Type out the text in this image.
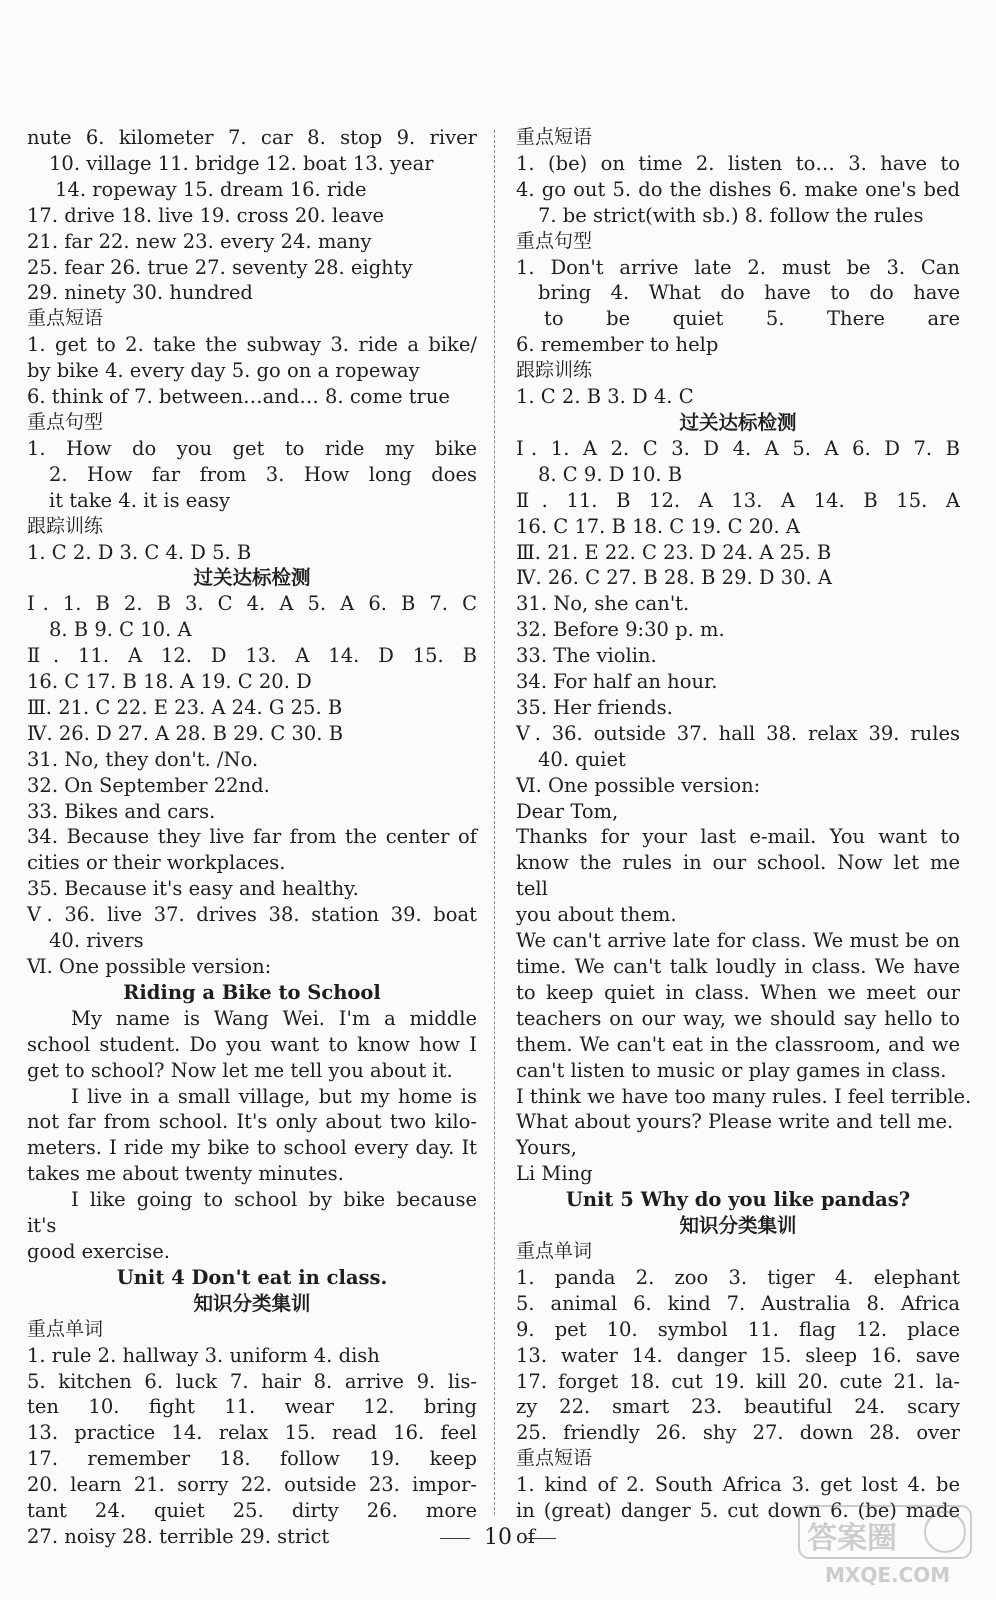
nute 6. kilometer 7. car 8. stop 9. river
10. village 11. bridge 12. boat 13. year
14. ropeway 15. dream 16. ride
17. drive 18. live 19. cross 20. leave
21. far 22. new 23. every 24. many
25. fear 26. true 27. seventy 28. eighty
29. ninety 30. hundred
重点短语
1. get to 2. take the subway 3. ride a bike/
by bike 4. every day 5. go on a ropeway
6. think of 7. between…and… 8. come true
重点句型
1. How do you get to ride my bike
2. How far from 3. How long does
it take 4. it is easy
跟踪训练
1. C 2. D 3. C 4. D 5. B
过关达标检测
Ⅰ. 1. B 2. B 3. C 4. A 5. A 6. B 7. C
8. B 9. C 10. A
Ⅱ. 11. A 12. D 13. A 14. D 15. B
16. C 17. B 18. A 19. C 20. D
Ⅲ. 21. C 22. E 23. A 24. G 25. B
Ⅳ. 26. D 27. A 28. B 29. C 30. B
31. No, they don't. /No.
32. On September 22nd.
33. Bikes and cars.
34. Because they live far from the center of
cities or their workplaces.
35. Because it's easy and healthy.
Ⅴ. 36. live 37. drives 38. station 39. boat
40. rivers
Ⅵ. One possible version:
Riding a Bike to School
My name is Wang Wei. I'm a middle
school student. Do you want to know how I
get to school? Now let me tell you about it.
I live in a small village, but my home is
not far from school. It's only about two kilo-
meters. I ride my bike to school every day. It
takes me about twenty minutes.
I like going to school by bike because it's
good exercise.
Unit 4 Don't eat in class.
知识分类集训
重点单词
1. rule 2. hallway 3. uniform 4. dish
5. kitchen 6. luck 7. hair 8. arrive 9. lis-
ten 10. fight 11. wear 12. bring
13. practice 14. relax 15. read 16. feel
17. remember 18. follow 19. keep
20. learn 21. sorry 22. outside 23. impor-
tant 24. quiet 25. dirty 26. more
27. noisy 28. terrible 29. strict
重点短语
1. (be) on time 2. listen to… 3. have to
4. go out 5. do the dishes 6. make one's bed
7. be strict(with sb.) 8. follow the rules
重点句型
1. Don't arrive late 2. must be 3. Can
bring 4. What do have to do have
to be quiet 5. There are
6. remember to help
跟踪训练
1. C 2. B 3. D 4. C
过关达标检测
Ⅰ. 1. A 2. C 3. D 4. A 5. A 6. D 7. B
8. C 9. D 10. B
Ⅱ. 11. B 12. A 13. A 14. B 15. A
16. C 17. B 18. C 19. C 20. A
Ⅲ. 21. E 22. C 23. D 24. A 25. B
Ⅳ. 26. C 27. B 28. B 29. D 30. A
31. No, she can't.
32. Before 9:30 p. m.
33. The violin.
34. For half an hour.
35. Her friends.
Ⅴ. 36. outside 37. hall 38. relax 39. rules
40. quiet
Ⅵ. One possible version:
Dear Tom,
Thanks for your last e-mail. You want to
know the rules in our school. Now let me tell
you about them.
We can't arrive late for class. We must be on
time. We can't talk loudly in class. We have
to keep quiet in class. When we meet our
teachers on our way, we should say hello to
them. We can't eat in the classroom, and we
can't listen to music or play games in class.
I think we have too many rules. I feel terrible.
What about yours? Please write and tell me.
Yours,
Li Ming
Unit 5 Why do you like pandas?
知识分类集训
重点单词
1. panda 2. zoo 3. tiger 4. elephant
5. animal 6. kind 7. Australia 8. Africa
9. pet 10. symbol 11. flag 12. place
13. water 14. danger 15. sleep 16. save
17. forget 18. cut 19. kill 20. cute 21. la-
zy 22. smart 23. beautiful 24. scary
25. friendly 26. shy 27. down 28. over
重点短语
1. kind of 2. South Africa 3. get lost 4. be
in (great) danger 5. cut down 6. (be) made
of
10	答案圈
MXQE.COM
